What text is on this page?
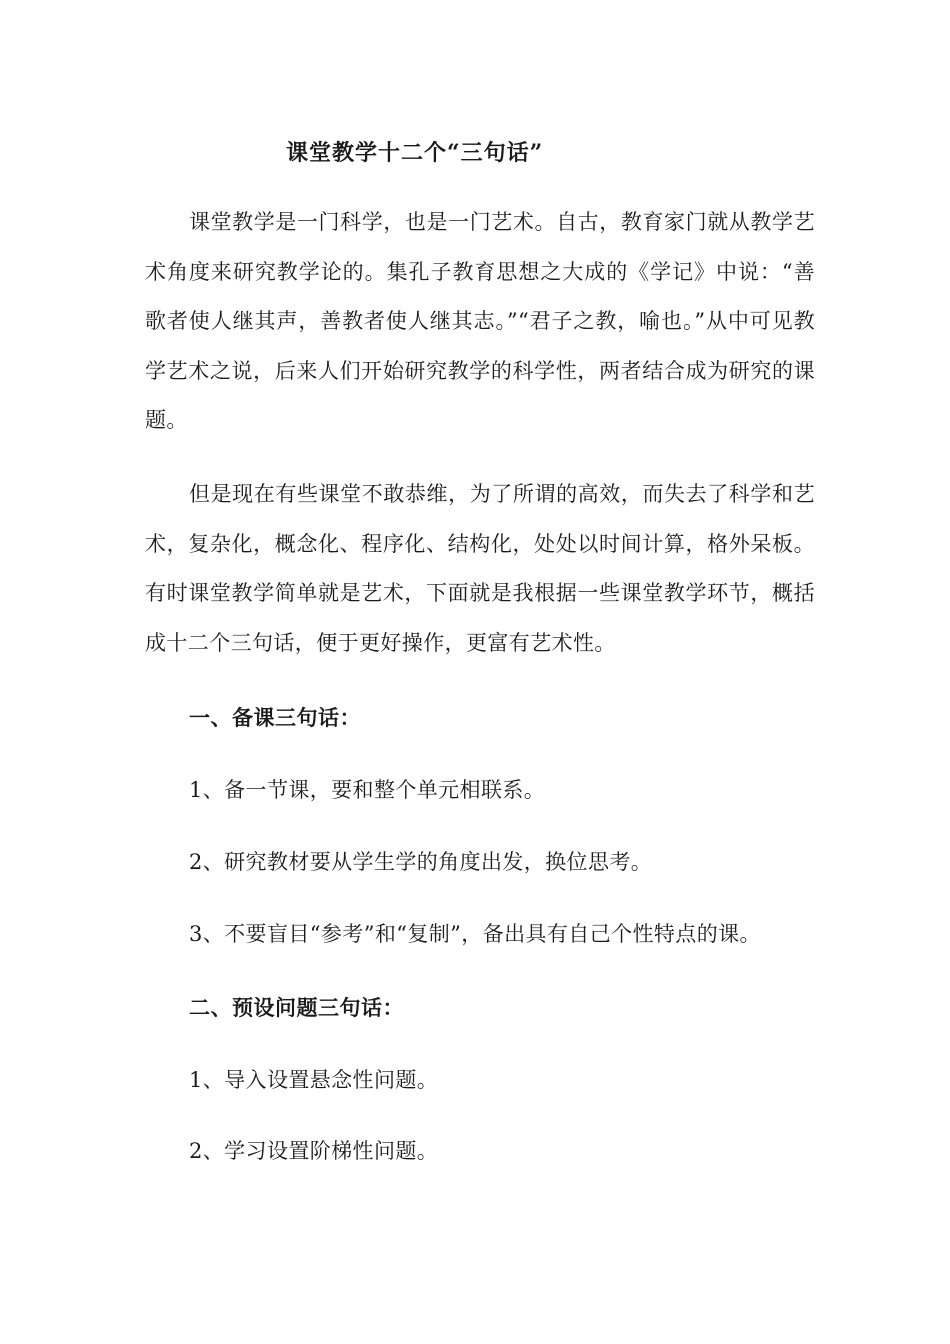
课堂教学十二个“三句话”

课堂教学是一门科学，也是一门艺术。自古，教育家门就从教学艺术角度来研究教学论的。集孔子教育思想之大成的《学记》中说：“善歌者使人继其声，善教者使人继其志。”“君子之教，喻也。”从中可见教学艺术之说，后来人们开始研究教学的科学性，两者结合成为研究的课题。

但是现在有些课堂不敢恭维，为了所谓的高效，而失去了科学和艺术，复杂化，概念化、程序化、结构化，处处以时间计算，格外呆板。有时课堂教学简单就是艺术，下面就是我根据一些课堂教学环节，概括成十二个三句话，便于更好操作，更富有艺术性。

一、备课三句话：
1、备一节课，要和整个单元相联系。
2、研究教材要从学生学的角度出发，换位思考。
3、不要盲目“参考”和“复制”，备出具有自己个性特点的课。
二、预设问题三句话：
1、导入设置悬念性问题。
2、学习设置阶梯性问题。
